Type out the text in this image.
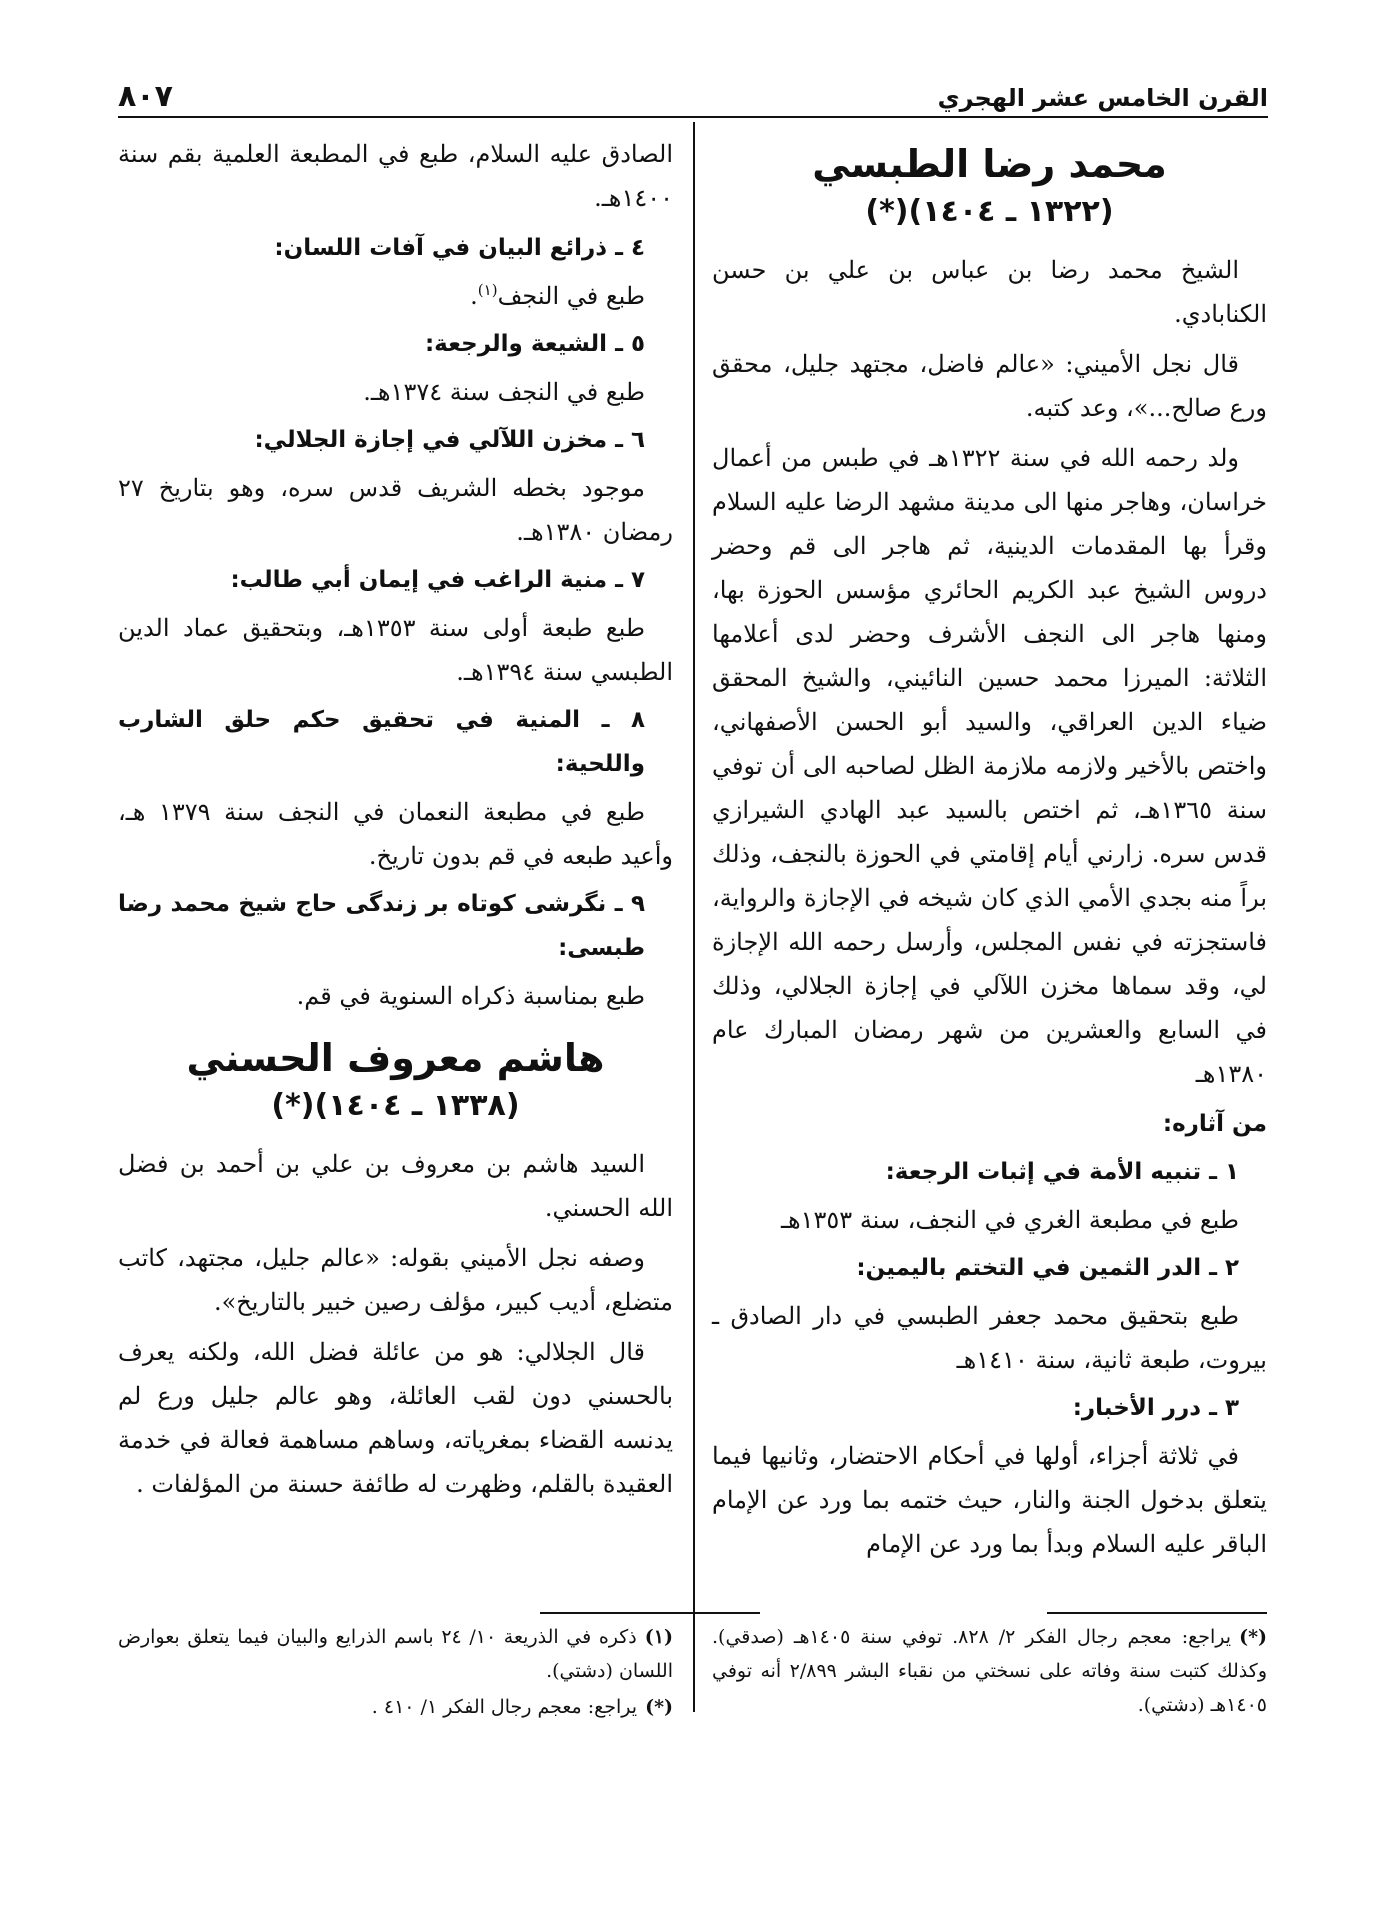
القرن الخامس عشر الهجري
٨٠٧
محمد رضا الطبسي
(١٣٢٢ ـ ١٤٠٤)(*)

الشيخ محمد رضا بن عباس بن علي بن حسن الكنابادي.

قال نجل الأميني: «عالم فاضل، مجتهد جليل، محقق ورع صالح...»، وعد كتبه.

ولد رحمه الله في سنة ١٣٢٢هـ في طبس من أعمال خراسان، وهاجر منها الى مدينة مشهد الرضا عليه السلام وقرأ بها المقدمات الدينية، ثم هاجر الى قم وحضر دروس الشيخ عبد الكريم الحائري مؤسس الحوزة بها، ومنها هاجر الى النجف الأشرف وحضر لدى أعلامها الثلاثة: الميرزا محمد حسين النائيني، والشيخ المحقق ضياء الدين العراقي، والسيد أبو الحسن الأصفهاني، واختص بالأخير ولازمه ملازمة الظل لصاحبه الى أن توفي سنة ١٣٦٥هـ، ثم اختص بالسيد عبد الهادي الشيرازي قدس سره. زارني أيام إقامتي في الحوزة بالنجف، وذلك براً منه بجدي الأمي الذي كان شيخه في الإجازة والرواية، فاستجزته في نفس المجلس، وأرسل رحمه الله الإجازة لي، وقد سماها مخزن اللآلي في إجازة الجلالي، وذلك في السابع والعشرين من شهر رمضان المبارك عام ١٣٨٠هـ

من آثاره:
١ ـ تنبيه الأمة في إثبات الرجعة:

طبع في مطبعة الغري في النجف، سنة ١٣٥٣هـ

٢ ـ الدر الثمين في التختم باليمين:

طبع بتحقيق محمد جعفر الطبسي في دار الصادق ـ بيروت، طبعة ثانية، سنة ١٤١٠هـ

٣ ـ درر الأخبار:

في ثلاثة أجزاء، أولها في أحكام الاحتضار، وثانيها فيما يتعلق بدخول الجنة والنار، حيث ختمه بما ورد عن الإمام الباقر عليه السلام وبدأ بما ورد عن الإمام

الصادق عليه السلام، طبع في المطبعة العلمية بقم سنة ١٤٠٠هـ.

٤ ـ ذرائع البيان في آفات اللسان:

طبع في النجف$^{(١)}$.

٥ ـ الشيعة والرجعة:

طبع في النجف سنة ١٣٧٤هـ.

٦ ـ مخزن اللآلي في إجازة الجلالي:

موجود بخطه الشريف قدس سره، وهو بتاريخ ٢٧ رمضان ١٣٨٠هـ.

٧ ـ منية الراغب في إيمان أبي طالب:

طبع طبعة أولى سنة ١٣٥٣هـ، وبتحقيق عماد الدين الطبسي سنة ١٣٩٤هـ.

٨ ـ المنية في تحقيق حكم حلق الشارب واللحية:

طبع في مطبعة النعمان في النجف سنة ١٣٧٩ هـ، وأعيد طبعه في قم بدون تاريخ.

٩ ـ نگرشى كوتاه بر زندگى حاج شيخ محمد رضا طبسى:

طبع بمناسبة ذكراه السنوية في قم.

هاشم معروف الحسني
(١٣٣٨ ـ ١٤٠٤)(*)

السيد هاشم بن معروف بن علي بن أحمد بن فضل الله الحسني.

وصفه نجل الأميني بقوله: «عالم جليل، مجتهد، كاتب متضلع، أديب كبير، مؤلف رصين خبير بالتاريخ».

قال الجلالي: هو من عائلة فضل الله، ولكنه يعرف بالحسني دون لقب العائلة، وهو عالم جليل ورع لم يدنسه القضاء بمغرياته، وساهم مساهمة فعالة في خدمة العقيدة بالقلم، وظهرت له طائفة حسنة من المؤلفات .

(*)يراجع: معجم رجال الفكر ٢/ ٨٢٨. توفي سنة ١٤٠٥هـ (صدقي). وكذلك كتبت سنة وفاته على نسختي من نقباء البشر ٢/٨٩٩ أنه توفي ١٤٠٥هـ (دشتي).

(١)ذكره في الذريعة ١٠/ ٢٤ باسم الذرايع والبيان فيما يتعلق بعوارض اللسان (دشتي).

(*)يراجع: معجم رجال الفكر ١/ ٤١٠ .
